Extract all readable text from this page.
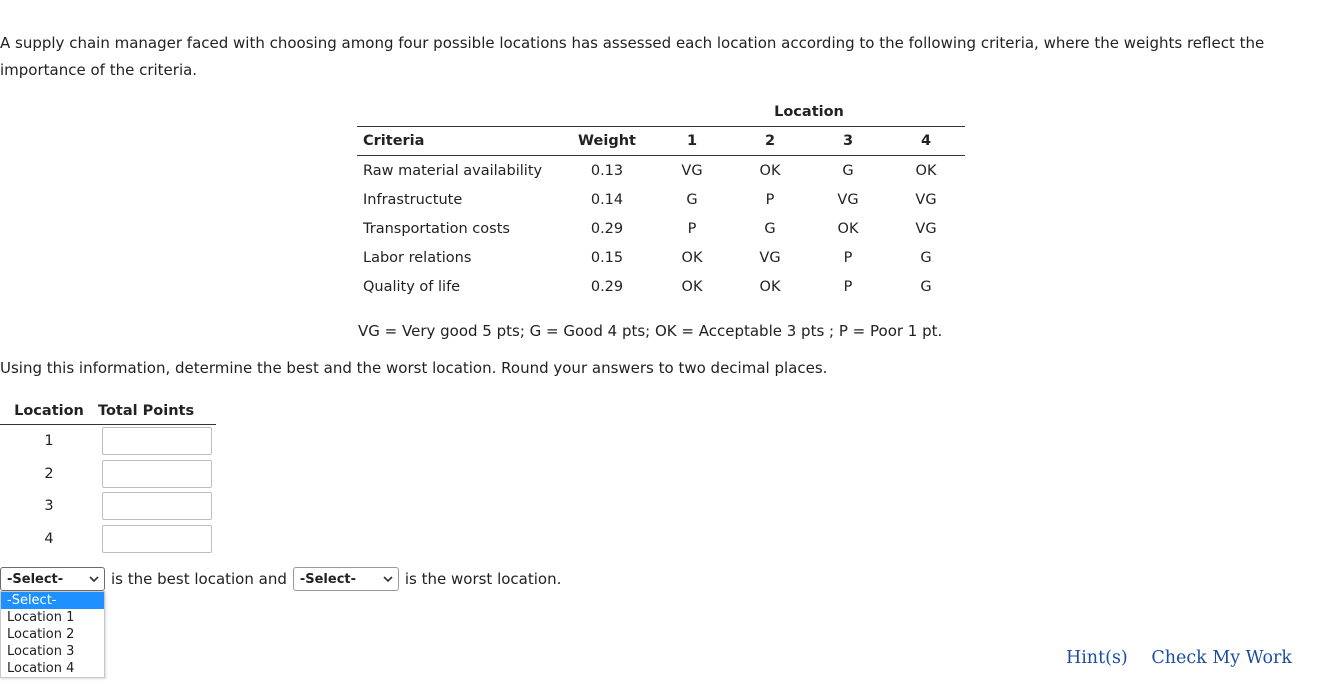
A supply chain manager faced with choosing among four possible locations has assessed each location according to the following criteria, where the weights reflect the importance of the criteria.
		Location			
Criteria	Weight	1	2	3	4
Raw material availability	0.13	VG	OK	G	OK
Infrastructute	0.14	G	P	VG	VG
Transportation costs	0.29	P	G	OK	VG
Labor relations	0.15	OK	VG	P	G
Quality of life	0.29	OK	OK	P	G
VG = Very good 5 pts; G = Good 4 pts; OK = Acceptable 3 pts ; P = Poor 1 pt.
Using this information, determine the best and the worst location. Round your answers to two decimal places.
Location	Total Points
1	
2	
3	
4	
-Select-	is the best location and -Select-	is the worst location.
-Select-
Location 1
Location 2
Location 3
Location 4
Hint(s) Check My Work
